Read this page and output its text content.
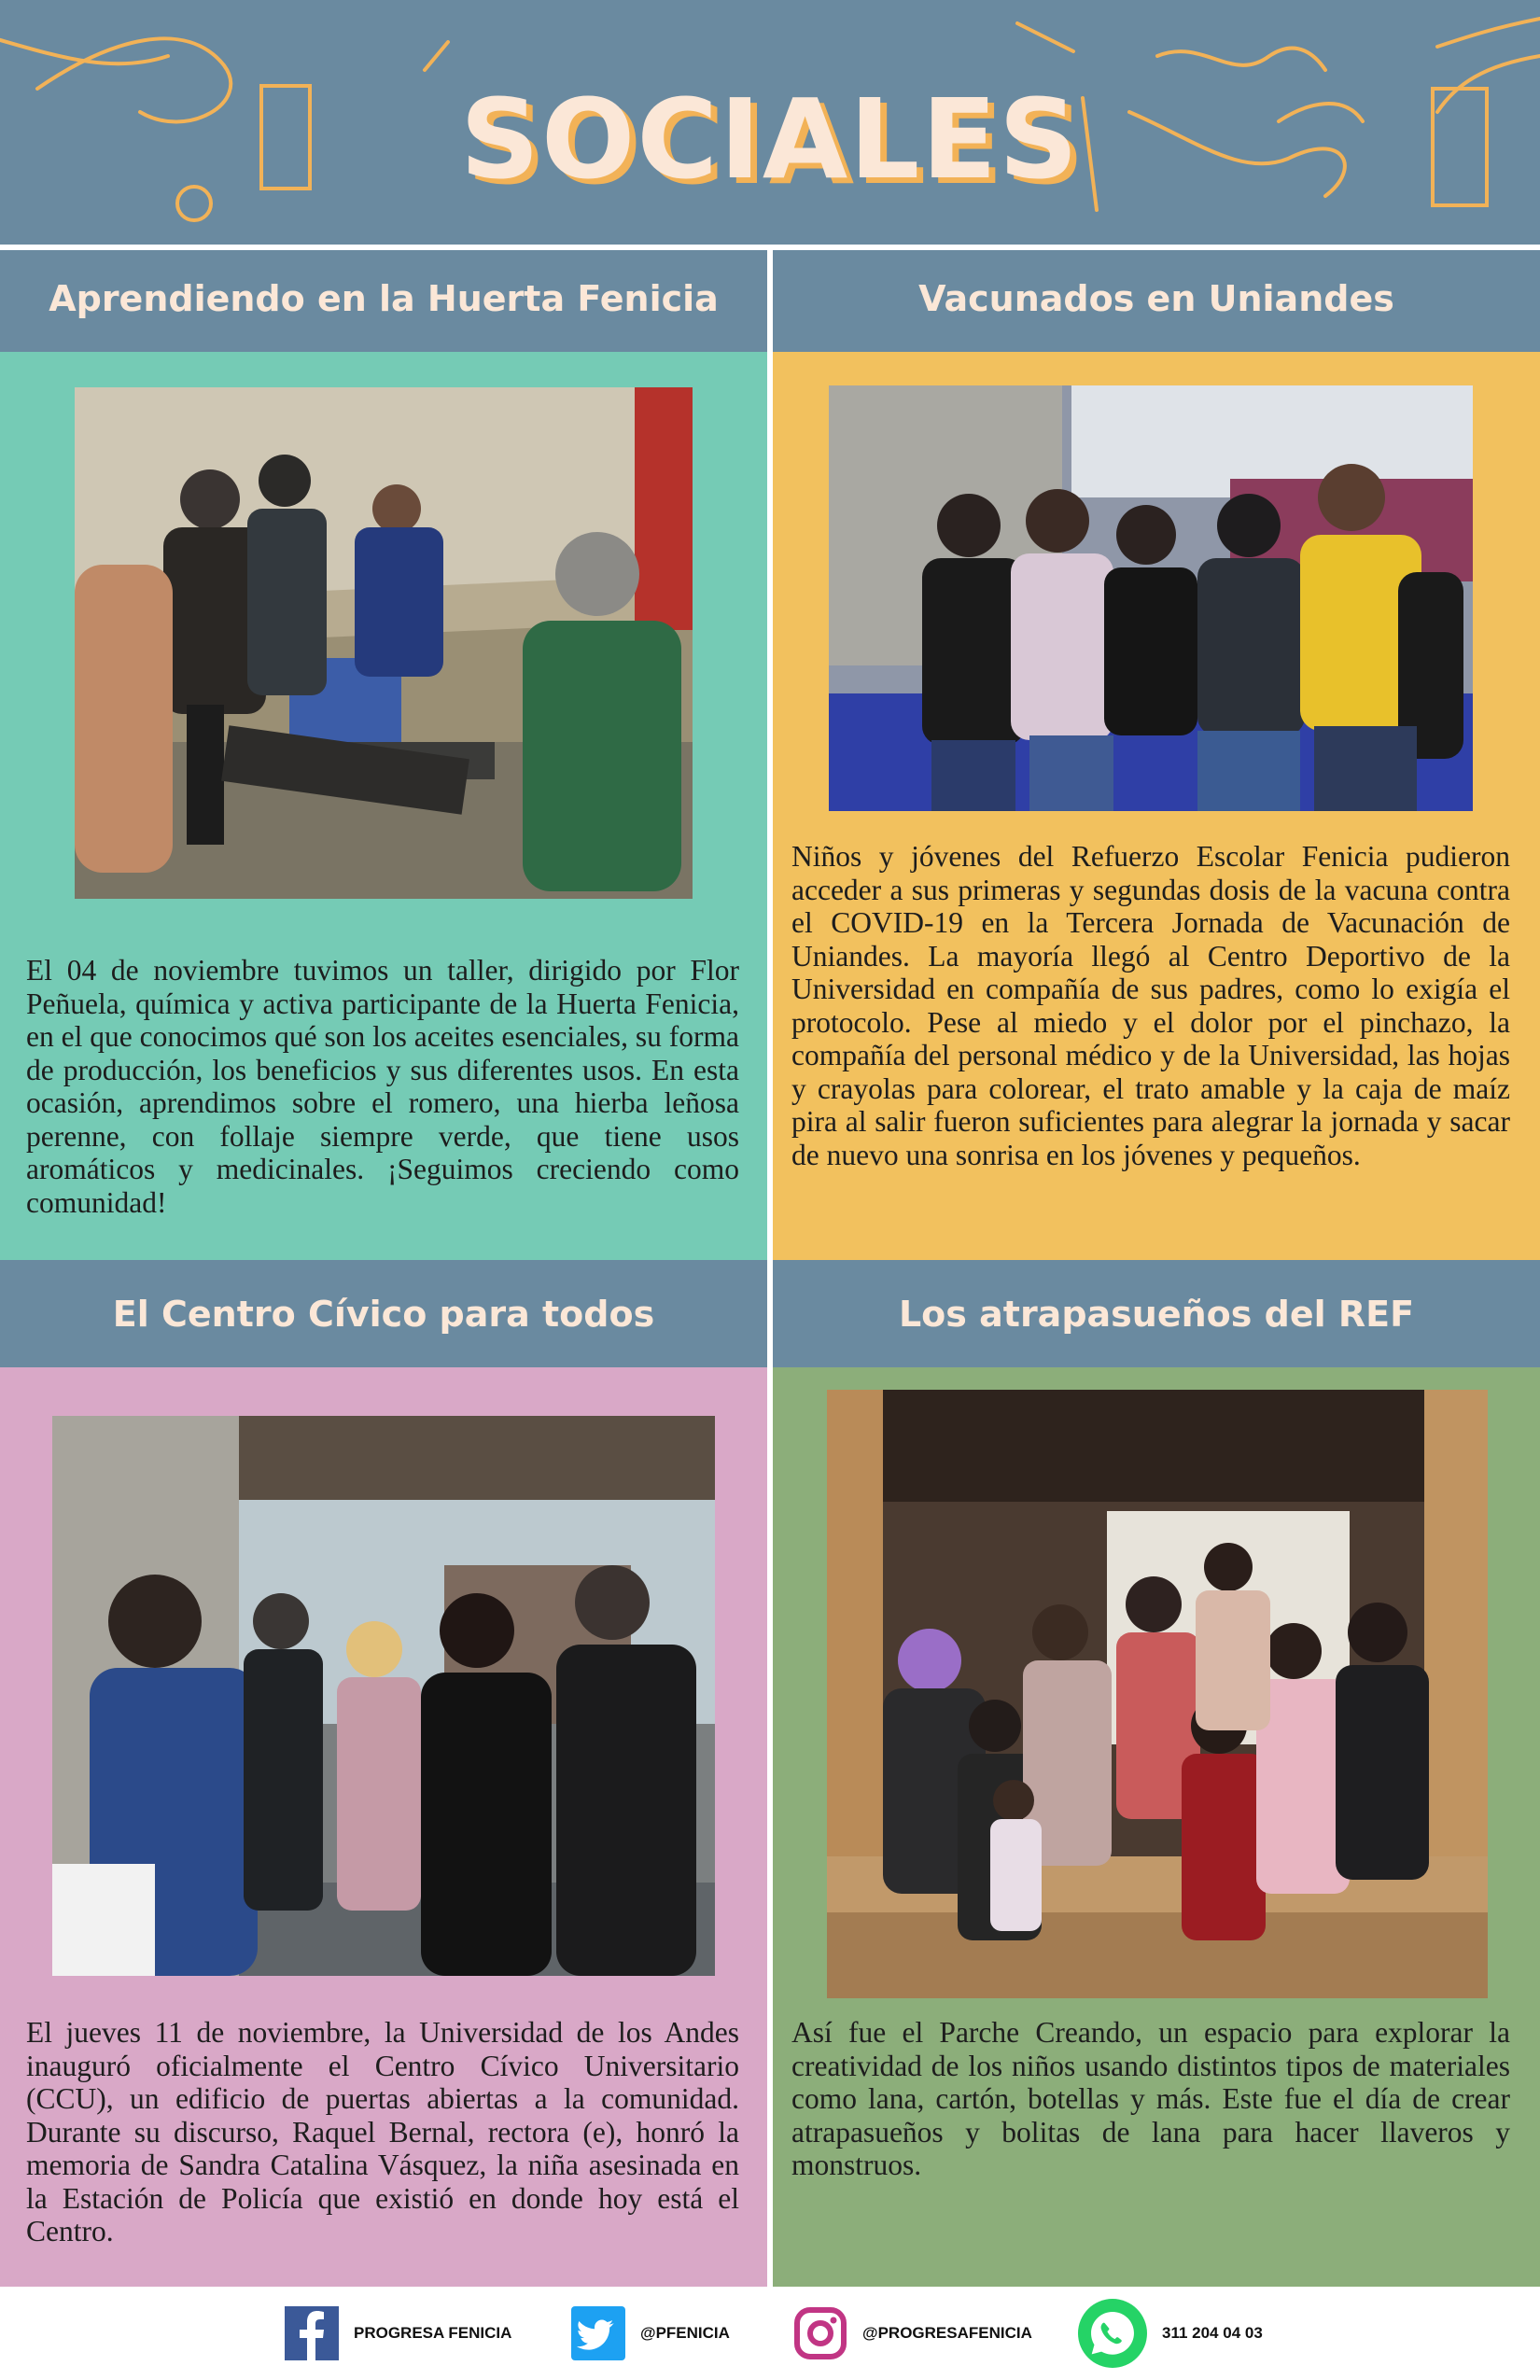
SOCIALES
Aprendiendo en la Huerta Fenicia
El 04 de noviembre tuvimos un taller, dirigido por Flor Peñuela, química y activa participante de la Huerta Fenicia, en el que conocimos qué son los aceites esenciales, su forma de producción, los beneficios y sus diferentes usos. En esta ocasión, aprendimos sobre el romero, una hierba leñosa perenne, con follaje siempre verde, que tiene usos aromáticos y medicinales. ¡Seguimos creciendo como comunidad!
Vacunados en Uniandes
Niños y jóvenes del Refuerzo Escolar Fenicia pudieron acceder a sus primeras y segundas dosis de la vacuna contra el COVID-19 en la Tercera Jornada de Vacunación de Uniandes. La mayoría llegó al Centro Deportivo de la Universidad en compañía de sus padres, como lo exigía el protocolo. Pese al miedo y el dolor por el pinchazo, la compañía del personal médico y de la Universidad, las hojas y crayolas para colorear, el trato amable y la caja de maíz pira al salir fueron suficientes para alegrar la jornada y sacar de nuevo una sonrisa en los jóvenes y pequeños.
El Centro Cívico para todos
El jueves 11 de noviembre, la Universidad de los Andes inauguró oficialmente el Centro Cívico Universitario (CCU), un edificio de puertas abiertas a la comunidad. Durante su discurso, Raquel Bernal, rectora (e), honró la memoria de Sandra Catalina Vásquez, la niña asesinada en la Estación de Policía que existió en donde hoy está el Centro.
Los atrapasueños del REF
Así fue el Parche Creando, un espacio para explorar la creatividad de los niños usando distintos tipos de materiales como lana, cartón, botellas y más. Este fue el día de crear atrapasueños y bolitas de lana para hacer llaveros y monstruos.
PROGRESA FENICIA	@PFENICIA	@PROGRESAFENICIA	311 204 04 03
